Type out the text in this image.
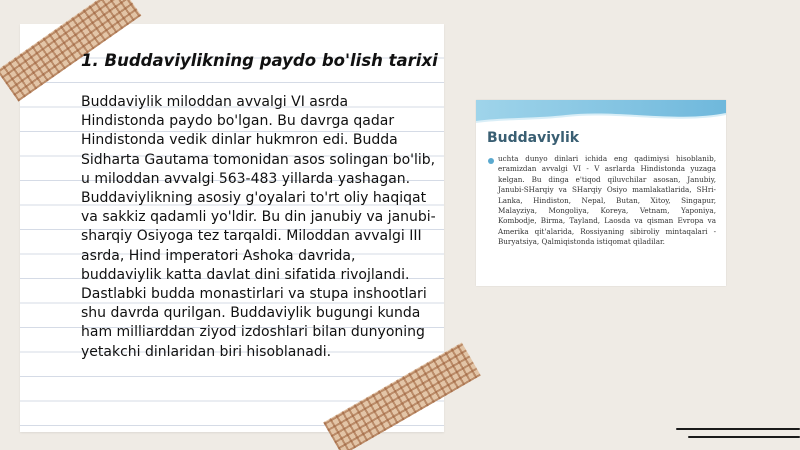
1. Buddaviylikning paydo bo'lish tarixi
Buddaviylik miloddan avvalgi VI asrda Hindistonda paydo bo'lgan. Bu davrga qadar Hindistonda vedik dinlar hukmron edi. Budda Sidharta Gautama tomonidan asos solingan bo'lib, u miloddan avvalgi 563-483 yillarda yashagan. Buddaviylikning asosiy g'oyalari to'rt oliy haqiqat va sakkiz qadamli yo'ldir. Bu din janubiy va janubi-sharqiy Osiyoga tez tarqaldi. Miloddan avvalgi III asrda, Hind imperatori Ashoka davrida, buddaviylik katta davlat dini sifatida rivojlandi. Dastlabki budda monastirlari va stupa inshootlari shu davrda qurilgan. Buddaviylik bugungi kunda ham milliarddan ziyod izdoshlari bilan dunyoning yetakchi dinlaridan biri hisoblanadi.
Buddaviylik
uchta dunyo dinlari ichida eng qadimiysi hisoblanib, eramizdan avvalgi VI - V asrlarda Hindistonda yuzaga kelgan. Bu dinga e'tiqod qiluvchilar asosan, Janubiy, Janubi-SHarqiy va SHarqiy Osiyo mamlakatlarida, SHri-Lanka, Hindiston, Nepal, Butan, Xitoy, Singapur, Malayziya, Mongoliya, Koreya, Vetnam, Yaponiya, Kombodje, Birma, Tayland, Laosda va qisman Evropa va Amerika qit'alarida, Rossiyaning sibiroliy mintaqalari - Buryatsiya, Qalmiqistonda istiqomat qiladilar.
